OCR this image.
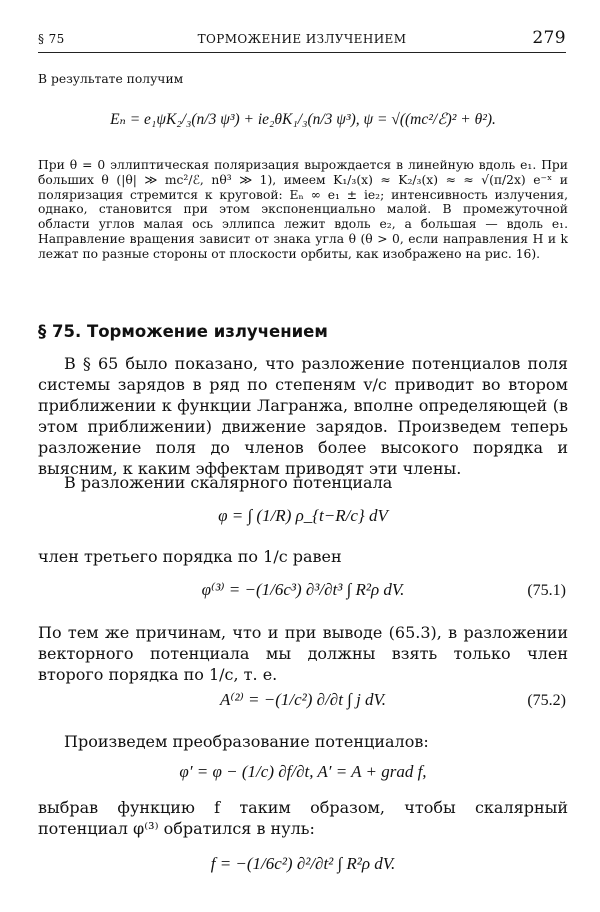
§ 75	ТОРМОЖЕНИЕ ИЗЛУЧЕНИЕМ	279

В результате получим

Eₙ = e₁ψK₂/₃(n/3 ψ³) + ie₂θK₁/₃(n/3 ψ³), ψ = √((mc²/ℰ)² + θ²).

При θ = 0 эллиптическая поляризация вырождается в линейную вдоль e₁. При больших θ (|θ| ≫ mc²/ℰ, nθ³ ≫ 1), имеем K₁/₃(x) ≈ K₂/₃(x) ≈ ≈ √(π/2x) e⁻ˣ и поляризация стремится к круговой: Eₙ ∞ e₁ ± ie₂; интенсивность излучения, однако, становится при этом экспоненциально малой. В промежуточной области углов малая ось эллипса лежит вдоль e₂, а большая — вдоль e₁. Направление вращения зависит от знака угла θ (θ > 0, если направления H и k лежат по разные стороны от плоскости орбиты, как изображено на рис. 16).

§ 75. Торможение излучением

В § 65 было показано, что разложение потенциалов поля системы зарядов в ряд по степеням v/c приводит во втором приближении к функции Лагранжа, вполне определяющей (в этом приближении) движение зарядов. Произведем теперь разложение поля до членов более высокого порядка и выясним, к каким эффектам приводят эти члены.

В разложении скалярного потенциала

φ = ∫ (1/R) ρ_{t−R/c} dV

член третьего порядка по 1/c равен

φ⁽³⁾ = −(1/6c³) ∂³/∂t³ ∫ R²ρ dV.	(75.1)

По тем же причинам, что и при выводе (65.3), в разложении векторного потенциала мы должны взять только член второго порядка по 1/c, т. е.

A⁽²⁾ = −(1/c²) ∂/∂t ∫ j dV.	(75.2)

Произведем преобразование потенциалов:

φ′ = φ − (1/c) ∂f/∂t, A′ = A + grad f,

выбрав функцию f таким образом, чтобы скалярный потенциал φ⁽³⁾ обратился в нуль:

f = −(1/6c²) ∂²/∂t² ∫ R²ρ dV.
